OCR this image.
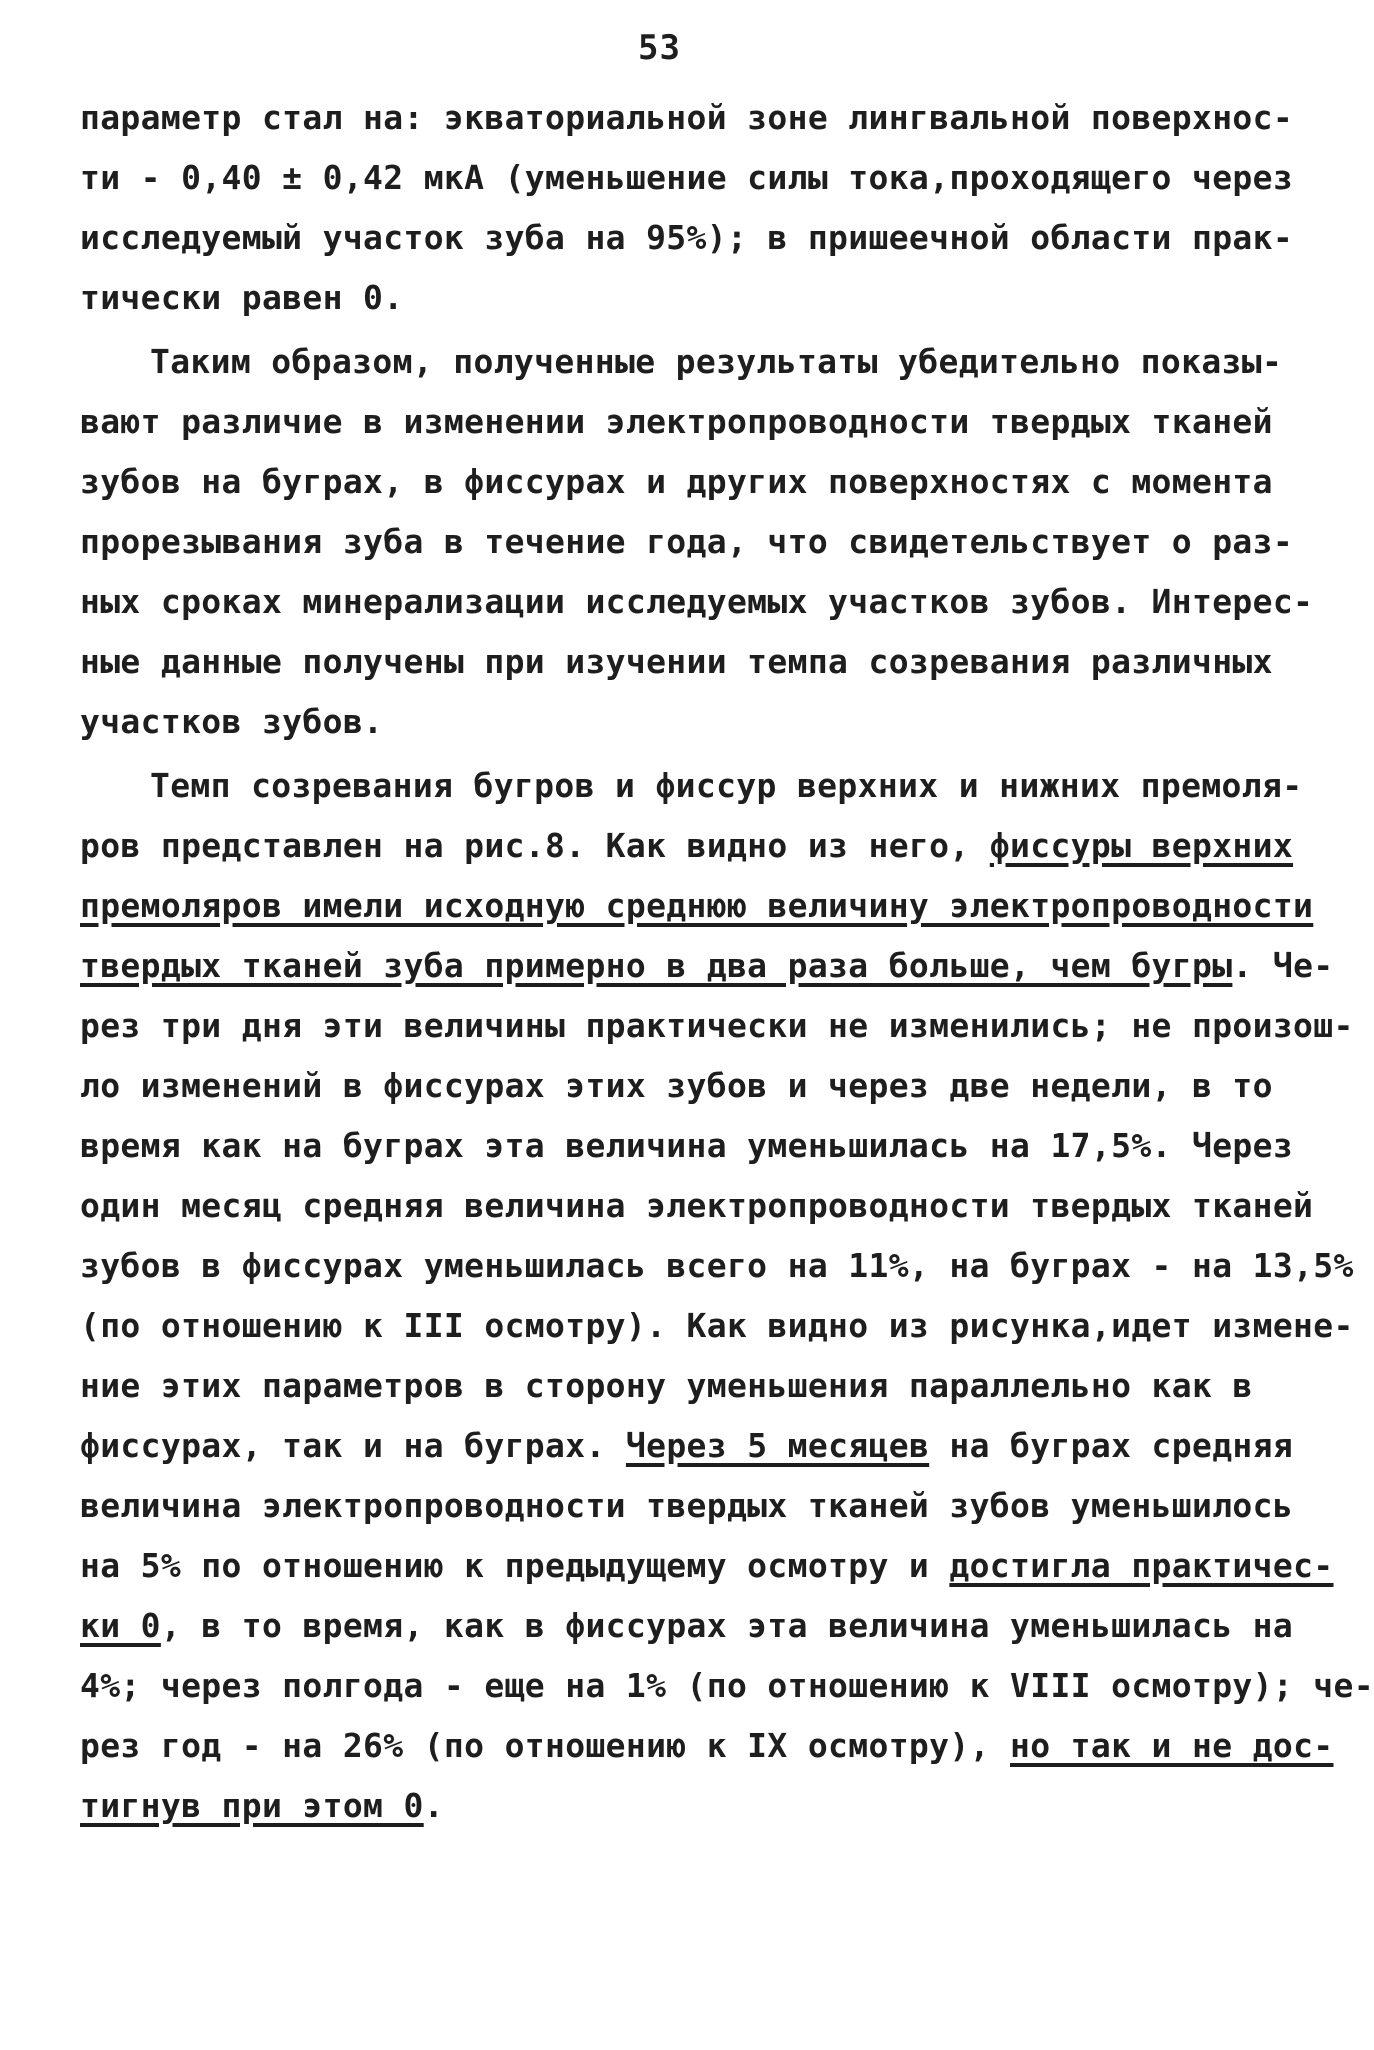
53
параметр стал на: экваториальной зоне лингвальной поверхнос-
ти - 0,40 ± 0,42 мкА (уменьшение силы тока,проходящего через
исследуемый участок зуба на 95%); в пришеечной области прак-
тически равен 0.
Таким образом, полученные результаты убедительно показы-
вают различие в изменении электропроводности твердых тканей
зубов на буграх, в фиссурах и других поверхностях с момента
прорезывания зуба в течение года, что свидетельствует о раз-
ных сроках минерализации исследуемых участков зубов. Интерес-
ные данные получены при изучении темпа созревания различных
участков зубов.
Темп созревания бугров и фиссур верхних и нижних премоля-
ров представлен на рис.8. Как видно из него, фиссуры верхних
премоляров имели исходную среднюю величину электропроводности
твердых тканей зуба примерно в два раза больше, чем бугры. Че-
рез три дня эти величины практически не изменились; не произош-
ло изменений в фиссурах этих зубов и через две недели, в то
время как на буграх эта величина уменьшилась на 17,5%. Через
один месяц средняя величина электропроводности твердых тканей
зубов в фиссурах уменьшилась всего на 11%, на буграх - на 13,5%
(по отношению к III осмотру). Как видно из рисунка,идет измене-
ние этих параметров в сторону уменьшения параллельно как в
фиссурах, так и на буграх. Через 5 месяцев на буграх средняя
величина электропроводности твердых тканей зубов уменьшилось
на 5% по отношению к предыдущему осмотру и достигла практичес-
ки 0, в то время, как в фиссурах эта величина уменьшилась на
4%; через полгода - еще на 1% (по отношению к VIII осмотру); че-
рез год - на 26% (по отношению к IX осмотру), но так и не дос-
тигнув при этом 0.
